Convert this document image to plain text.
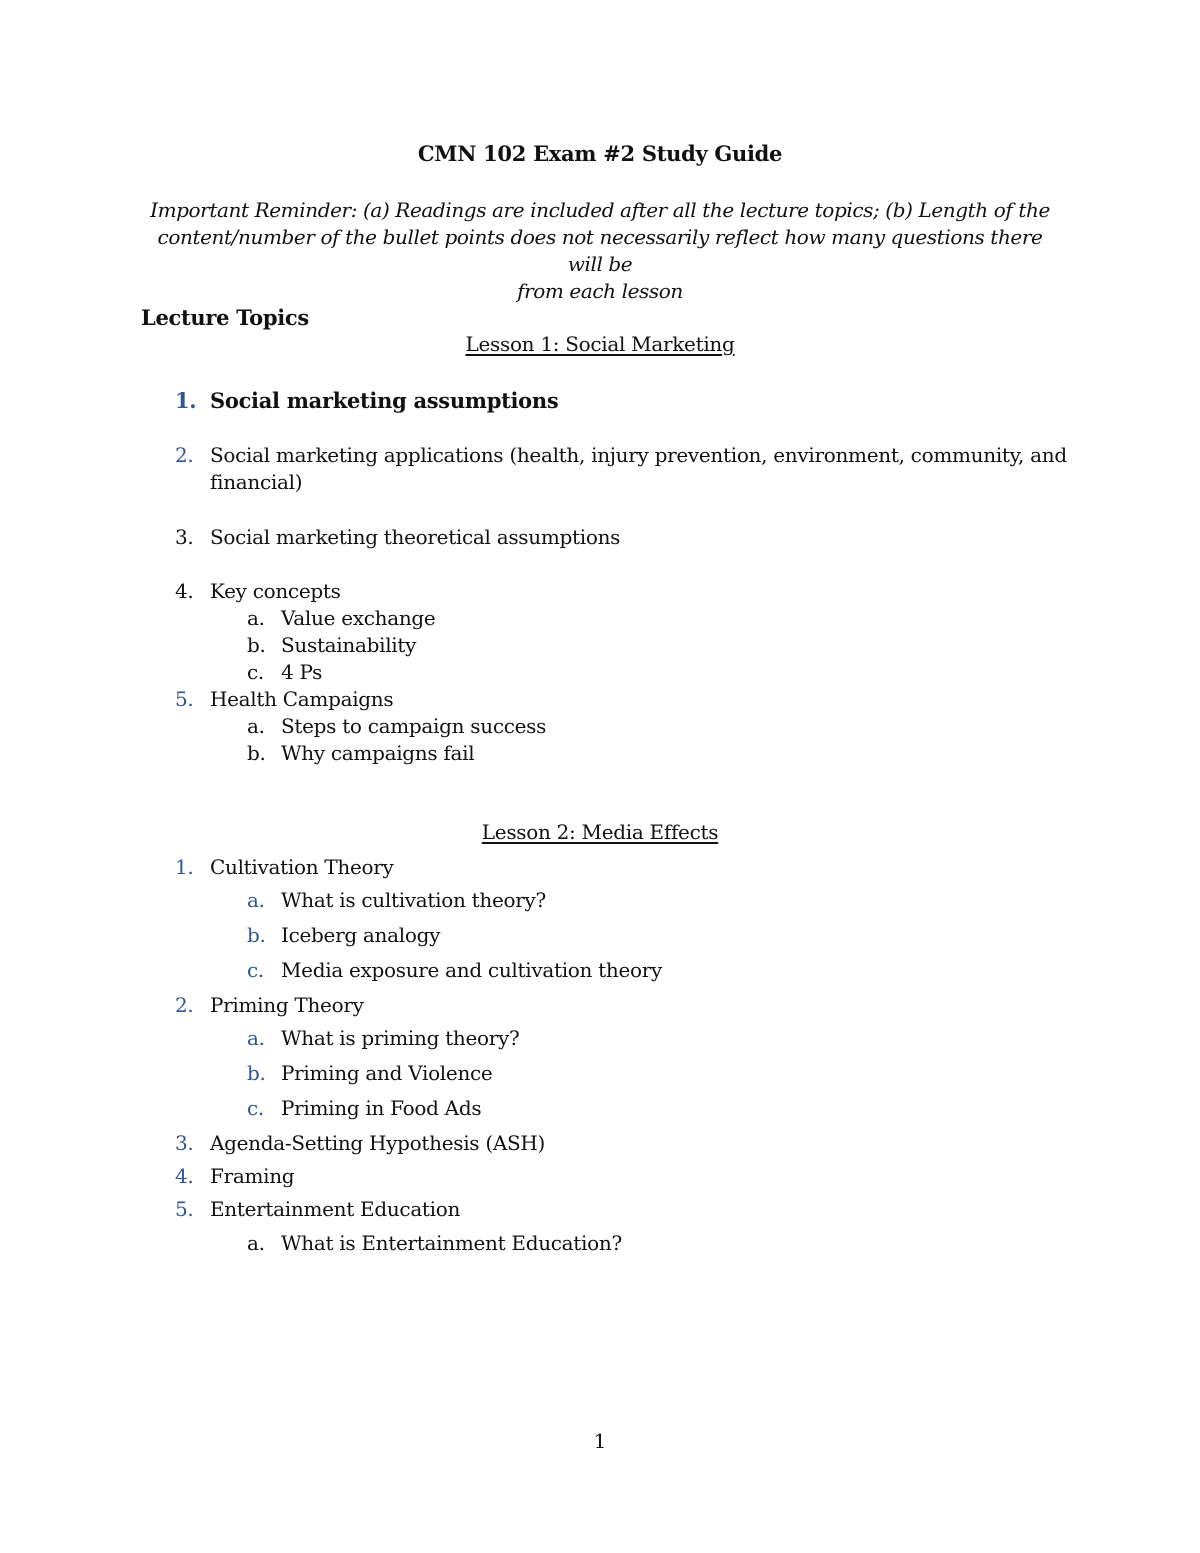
CMN 102 Exam #2 Study Guide
Important Reminder: (a) Readings are included after all the lecture topics; (b) Length of the
content/number of the bullet points does not necessarily reflect how many questions there will be
from each lesson
Lecture Topics
Lesson 1: Social Marketing
1. Social marketing assumptions
2. Social marketing applications (health, injury prevention, environment, community, and
financial)
3. Social marketing theoretical assumptions
4. Key concepts
a. Value exchange
b. Sustainability
c. 4 Ps
5. Health Campaigns
a. Steps to campaign success
b. Why campaigns fail
Lesson 2: Media Effects
1. Cultivation Theory
a. What is cultivation theory?
b. Iceberg analogy
c. Media exposure and cultivation theory
2. Priming Theory
a. What is priming theory?
b. Priming and Violence
c. Priming in Food Ads
3. Agenda-Setting Hypothesis (ASH)
4. Framing
5. Entertainment Education
a. What is Entertainment Education?
1
